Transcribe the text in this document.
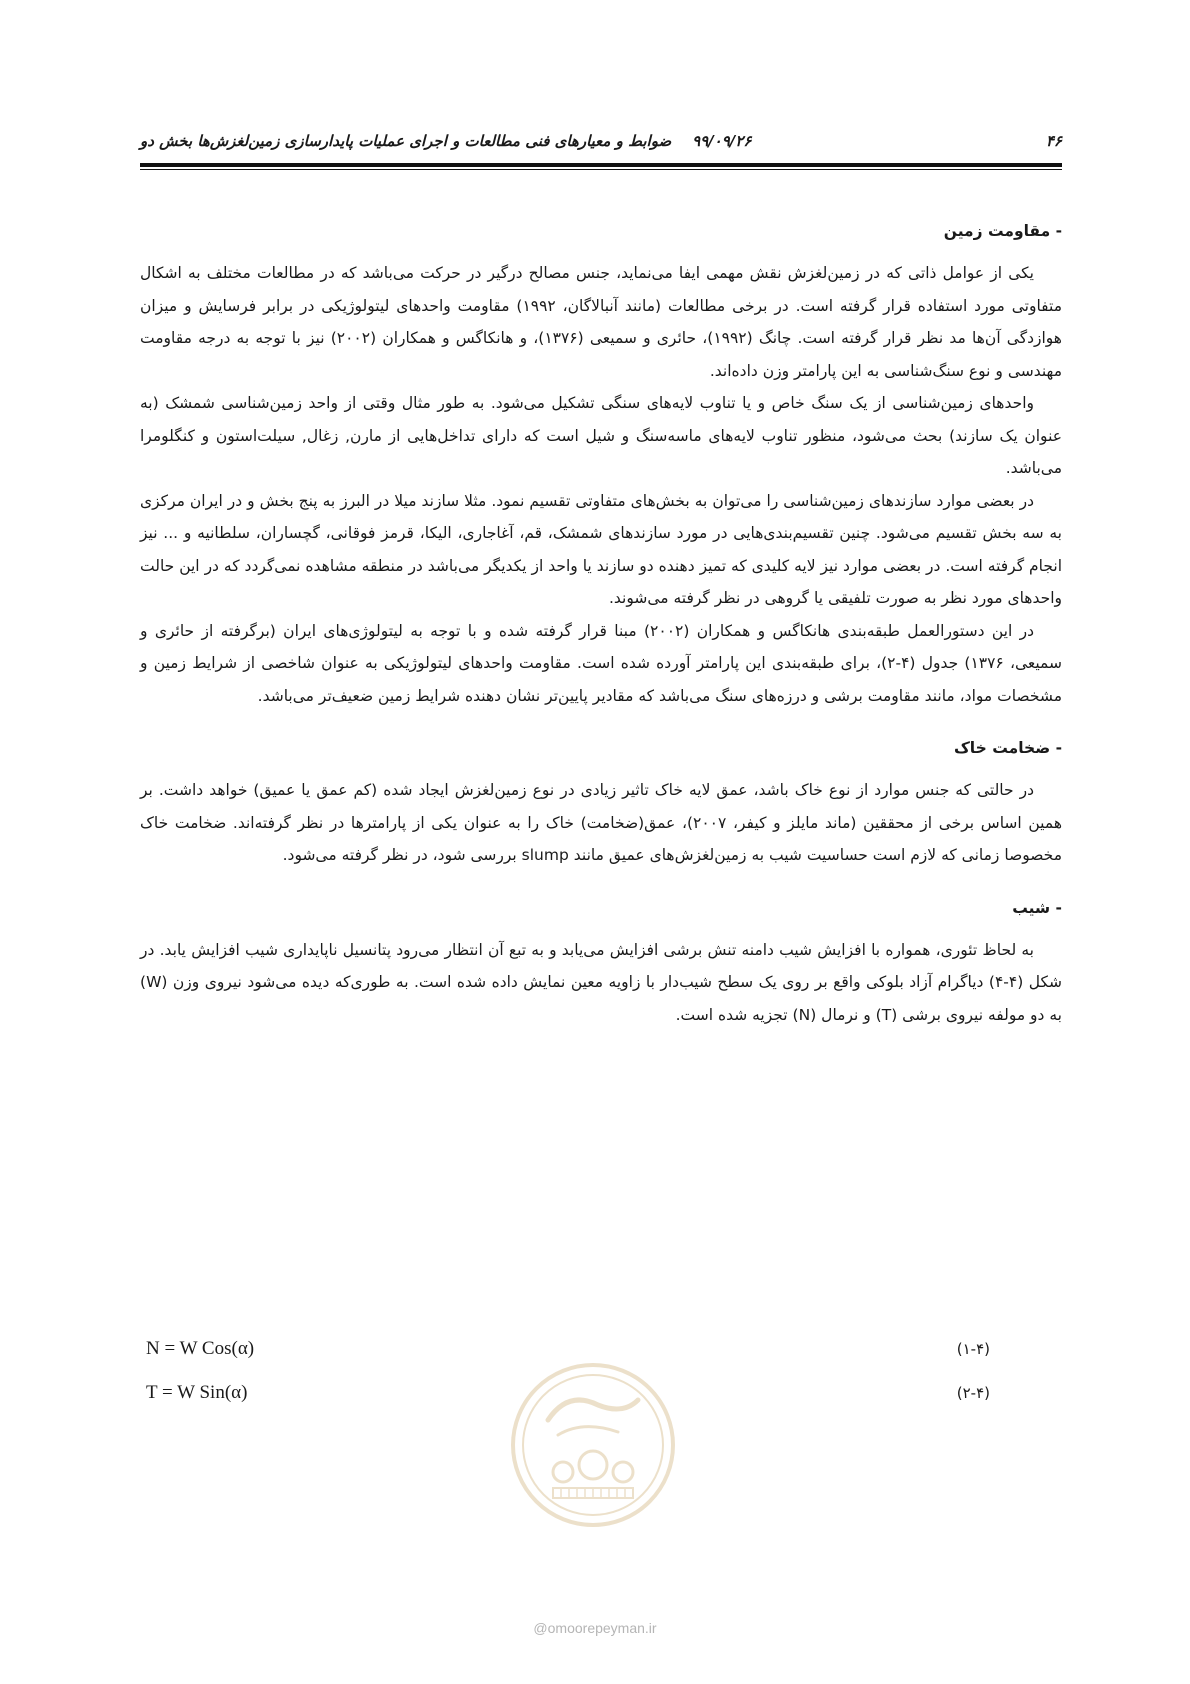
۴۶
۹۹/۰۹/۲۶    ضوابط و معیارهای فنی مطالعات و اجرای عملیات پایدارسازی زمین‌لغزش‌ها بخش دو

- مقاومت زمین

یکی از عوامل ذاتی که در زمین‌لغزش نقش مهمی ایفا می‌نماید، جنس مصالح درگیر در حرکت می‌باشد که در مطالعات مختلف به اشکال متفاوتی مورد استفاده قرار گرفته است. در برخی مطالعات (مانند آنبالاگان، ۱۹۹۲) مقاومت واحدهای لیتولوژیکی در برابر فرسایش و میزان هوازدگی آن‌ها مد نظر قرار گرفته است. چانگ (۱۹۹۲)، حائری و سمیعی (۱۳۷۶)، و هانکاگس و همکاران (۲۰۰۲) نیز با توجه به درجه مقاومت مهندسی و نوع سنگ‌شناسی به این پارامتر وزن داده‌اند.

واحدهای زمین‌شناسی از یک سنگ خاص و یا تناوب لایه‌های سنگی تشکیل می‌شود. به طور مثال وقتی از واحد زمین‌شناسی شمشک (به عنوان یک سازند) بحث می‌شود، منظور تناوب لایه‌های ماسه‌سنگ و شیل است که دارای تداخل‌هایی از مارن, زغال, سیلت‌استون و کنگلومرا می‌باشد.

در بعضی موارد سازندهای زمین‌شناسی را می‌توان به بخش‌های متفاوتی تقسیم نمود. مثلا سازند میلا در البرز به پنج بخش و در ایران مرکزی به سه بخش تقسیم می‌شود. چنین تقسیم‌بندی‌هایی در مورد سازندهای شمشک، قم، آغاجاری، الیکا، قرمز فوقانی، گچساران، سلطانیه و ... نیز انجام گرفته است. در بعضی موارد نیز لایه کلیدی که تمیز دهنده دو سازند یا واحد از یکدیگر می‌باشد در منطقه مشاهده نمی‌گردد که در این حالت واحدهای مورد نظر به صورت تلفیقی یا گروهی در نظر گرفته می‌شوند.

در این دستورالعمل طبقه‌بندی هانکاگس و همکاران (۲۰۰۲) مبنا قرار گرفته شده و با توجه به لیتولوژی‌های ایران (برگرفته از حائری و سمیعی، ۱۳۷۶) جدول (۴-۲)، برای طبقه‌بندی این پارامتر آورده شده است. مقاومت واحدهای لیتولوژیکی به عنوان شاخصی از شرایط زمین و مشخصات مواد، مانند مقاومت برشی و درزه‌های سنگ می‌باشد که مقادیر پایین‌تر نشان دهنده شرایط زمین ضعیف‌تر می‌باشد.

- ضخامت خاک

در حالتی که جنس موارد از نوع خاک باشد، عمق لایه خاک تاثیر زیادی در نوع زمین‌لغزش ایجاد شده (کم عمق یا عمیق) خواهد داشت. بر همین اساس برخی از محققین (ماند مایلز و کیفر، ۲۰۰۷)، عمق(ضخامت) خاک را به عنوان یکی از پارامترها در نظر گرفته‌اند. ضخامت خاک مخصوصا زمانی که لازم است حساسیت شیب به زمین‌لغزش‌های عمیق مانند slump بررسی شود، در نظر گرفته می‌شود.

- شیب

به لحاظ تئوری، همواره با افزایش شیب دامنه تنش برشی افزایش می‌یابد و به تبع آن انتظار می‌رود پتانسیل ناپایداری شیب افزایش یابد. در شکل (۴-۴) دیاگرام آزاد بلوکی واقع بر روی یک سطح شیب‌دار با زاویه معین نمایش داده شده است. به طوری‌که دیده می‌شود نیروی وزن (W) به دو مولفه نیروی برشی (T) و نرمال (N) تجزیه شده است.

N = W Cos(α)	(۱-۴)
T = W Sin(α)	(۲-۴)
@omoorepeyman.ir
